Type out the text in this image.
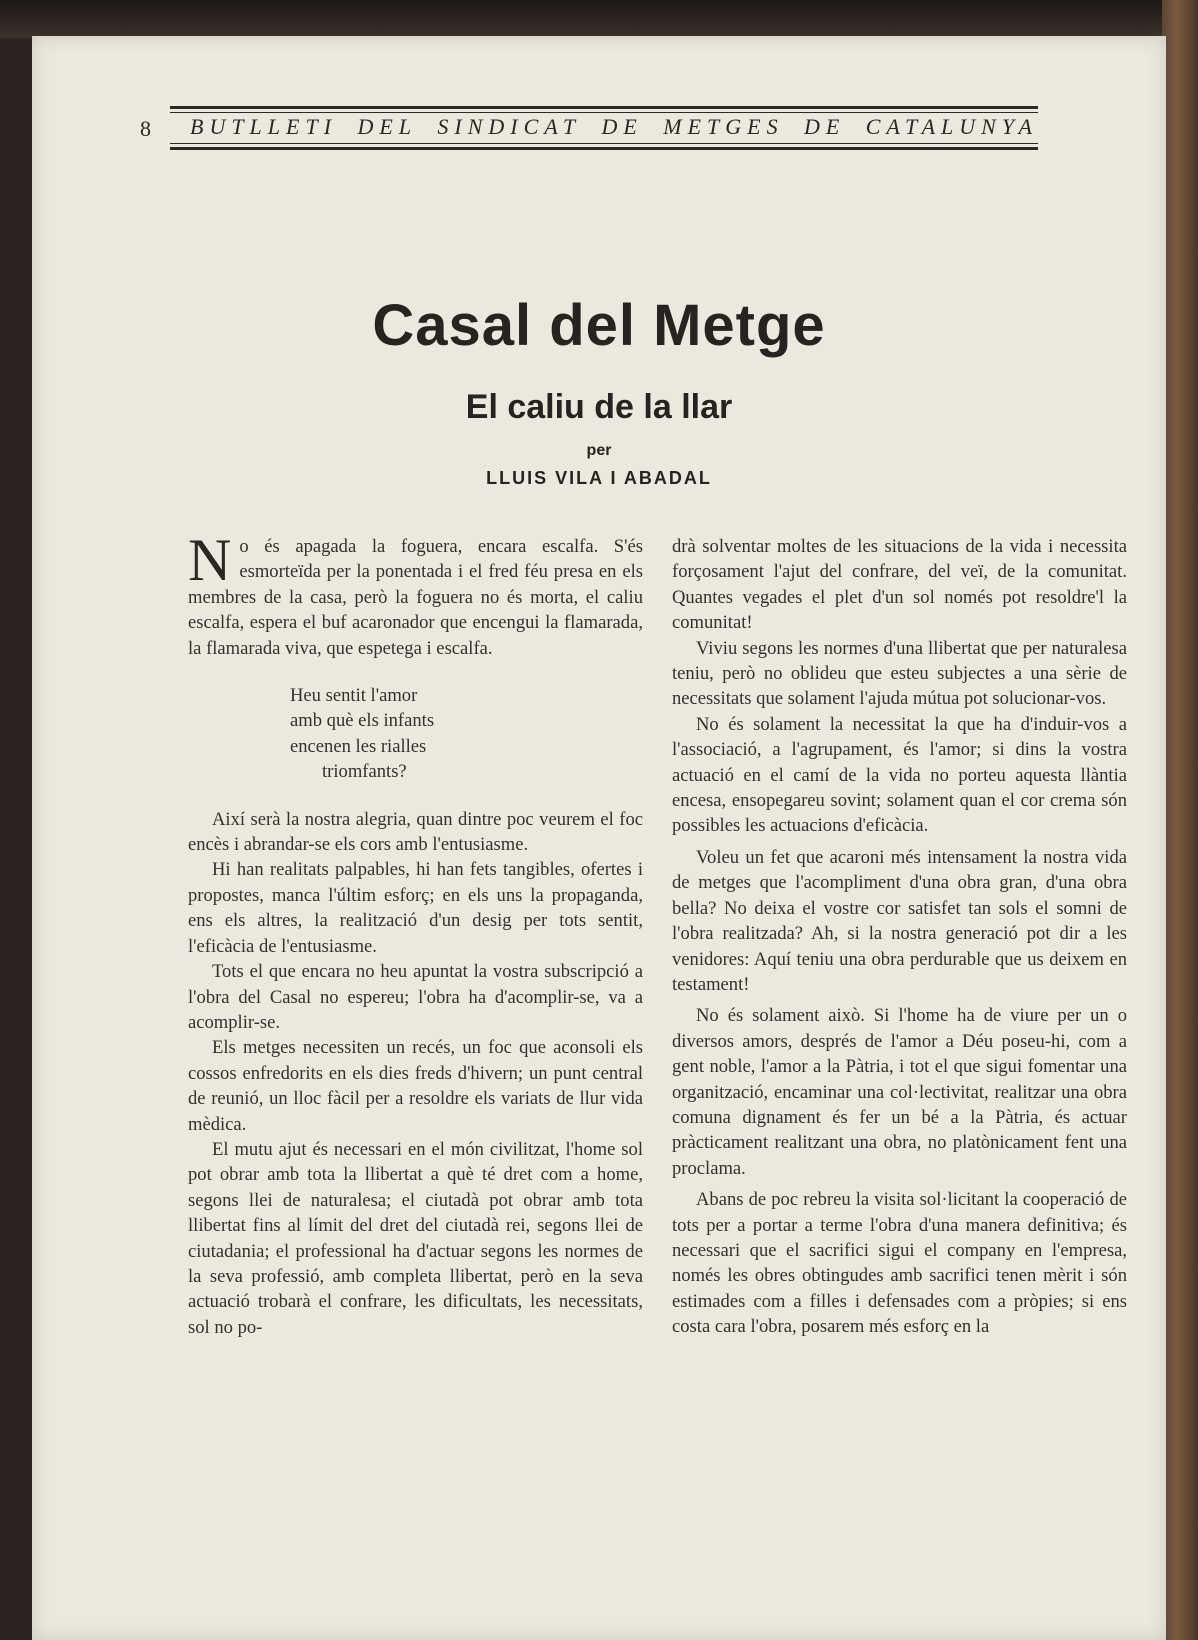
8 BUTLLETI DEL SINDICAT DE METGES DE CATALUNYA
Casal del Metge
El caliu de la llar
per
LLUIS VILA I ABADAL

No és apagada la foguera, encara escalfa. S'és esmorteïda per la ponentada i el fred féu presa en els membres de la casa, però la foguera no és morta, el caliu escalfa, espera el buf acaronador que encengui la flamarada, la flamarada viva, que espetega i escalfa.

Heu sentit l'amor
amb què els infants
encenen les rialles
triomfants?

Així serà la nostra alegria, quan dintre poc veurem el foc encès i abrandar-se els cors amb l'entusiasme.

Hi han realitats palpables, hi han fets tangibles, ofertes i propostes, manca l'últim esforç; en els uns la propaganda, ens els altres, la realització d'un desig per tots sentit, l'eficàcia de l'entusiasme.

Tots el que encara no heu apuntat la vostra subscripció a l'obra del Casal no espereu; l'obra ha d'acomplir-se, va a acomplir-se.

Els metges necessiten un recés, un foc que aconsoli els cossos enfredorits en els dies freds d'hivern; un punt central de reunió, un lloc fàcil per a resoldre els variats de llur vida mèdica.

El mutu ajut és necessari en el món civilitzat, l'home sol pot obrar amb tota la llibertat a què té dret com a home, segons llei de naturalesa; el ciutadà pot obrar amb tota llibertat fins al límit del dret del ciutadà rei, segons llei de ciutadania; el professional ha d'actuar segons les normes de la seva professió, amb completa llibertat, però en la seva actuació trobarà el confrare, les dificultats, les necessitats, sol no po-

drà solventar moltes de les situacions de la vida i necessita forçosament l'ajut del confrare, del veï, de la comunitat. Quantes vegades el plet d'un sol només pot resoldre'l la comunitat!

Viviu segons les normes d'una llibertat que per naturalesa teniu, però no oblideu que esteu subjectes a una sèrie de necessitats que solament l'ajuda mútua pot solucionar-vos.

No és solament la necessitat la que ha d'induir-vos a l'associació, a l'agrupament, és l'amor; si dins la vostra actuació en el camí de la vida no porteu aquesta llàntia encesa, ensopegareu sovint; solament quan el cor crema són possibles les actuacions d'eficàcia.

Voleu un fet que acaroni més intensament la nostra vida de metges que l'acompliment d'una obra gran, d'una obra bella? No deixa el vostre cor satisfet tan sols el somni de l'obra realitzada? Ah, si la nostra generació pot dir a les venidores: Aquí teniu una obra perdurable que us deixem en testament!

No és solament això. Si l'home ha de viure per un o diversos amors, després de l'amor a Déu poseu-hi, com a gent noble, l'amor a la Pàtria, i tot el que sigui fomentar una organització, encaminar una col·lectivitat, realitzar una obra comuna dignament és fer un bé a la Pàtria, és actuar pràcticament realitzant una obra, no platònicament fent una proclama.

Abans de poc rebreu la visita sol·licitant la cooperació de tots per a portar a terme l'obra d'una manera definitiva; és necessari que el sacrifici sigui el company en l'empresa, només les obres obtingudes amb sacrifici tenen mèrit i són estimades com a filles i defensades com a pròpies; si ens costa cara l'obra, posarem més esforç en la
